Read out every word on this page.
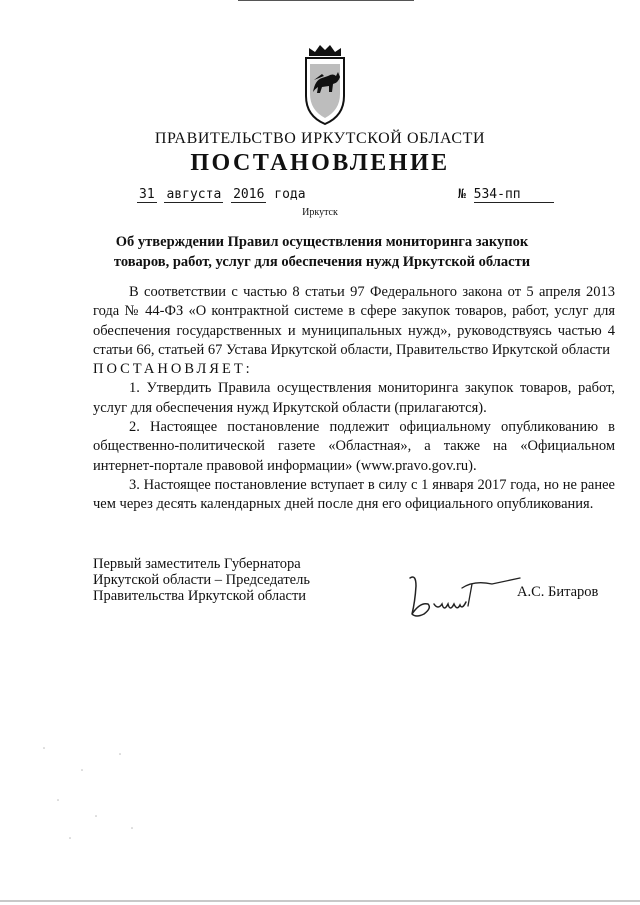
ПРАВИТЕЛЬСТВО ИРКУТСКОЙ ОБЛАСТИ
ПОСТАНОВЛЕНИЕ
31 августа 2016 года	№ 534-пп
Иркутск
Об утверждении Правил осуществления мониторинга закупок товаров, работ, услуг для обеспечения нужд Иркутской области

В соответствии с частью 8 статьи 97 Федерального закона от 5 апреля 2013 года № 44-ФЗ «О контрактной системе в сфере закупок товаров, работ, услуг для обеспечения государственных и муниципальных нужд», руководствуясь частью 4 статьи 66, статьей 67 Устава Иркутской области, Правительство Иркутской области

ПОСТАНОВЛЯЕТ:

1. Утвердить Правила осуществления мониторинга закупок товаров, работ, услуг для обеспечения нужд Иркутской области (прилагаются).

2. Настоящее постановление подлежит официальному опубликованию в общественно-политической газете «Областная», а также на «Официальном интернет-портале правовой информации» (www.pravo.gov.ru).

3. Настоящее постановление вступает в силу с 1 января 2017 года, но не ранее чем через десять календарных дней после дня его официального опубликования.

Первый заместитель Губернатора
Иркутской области – Председатель
Правительства Иркутской области	А.С. Битаров
